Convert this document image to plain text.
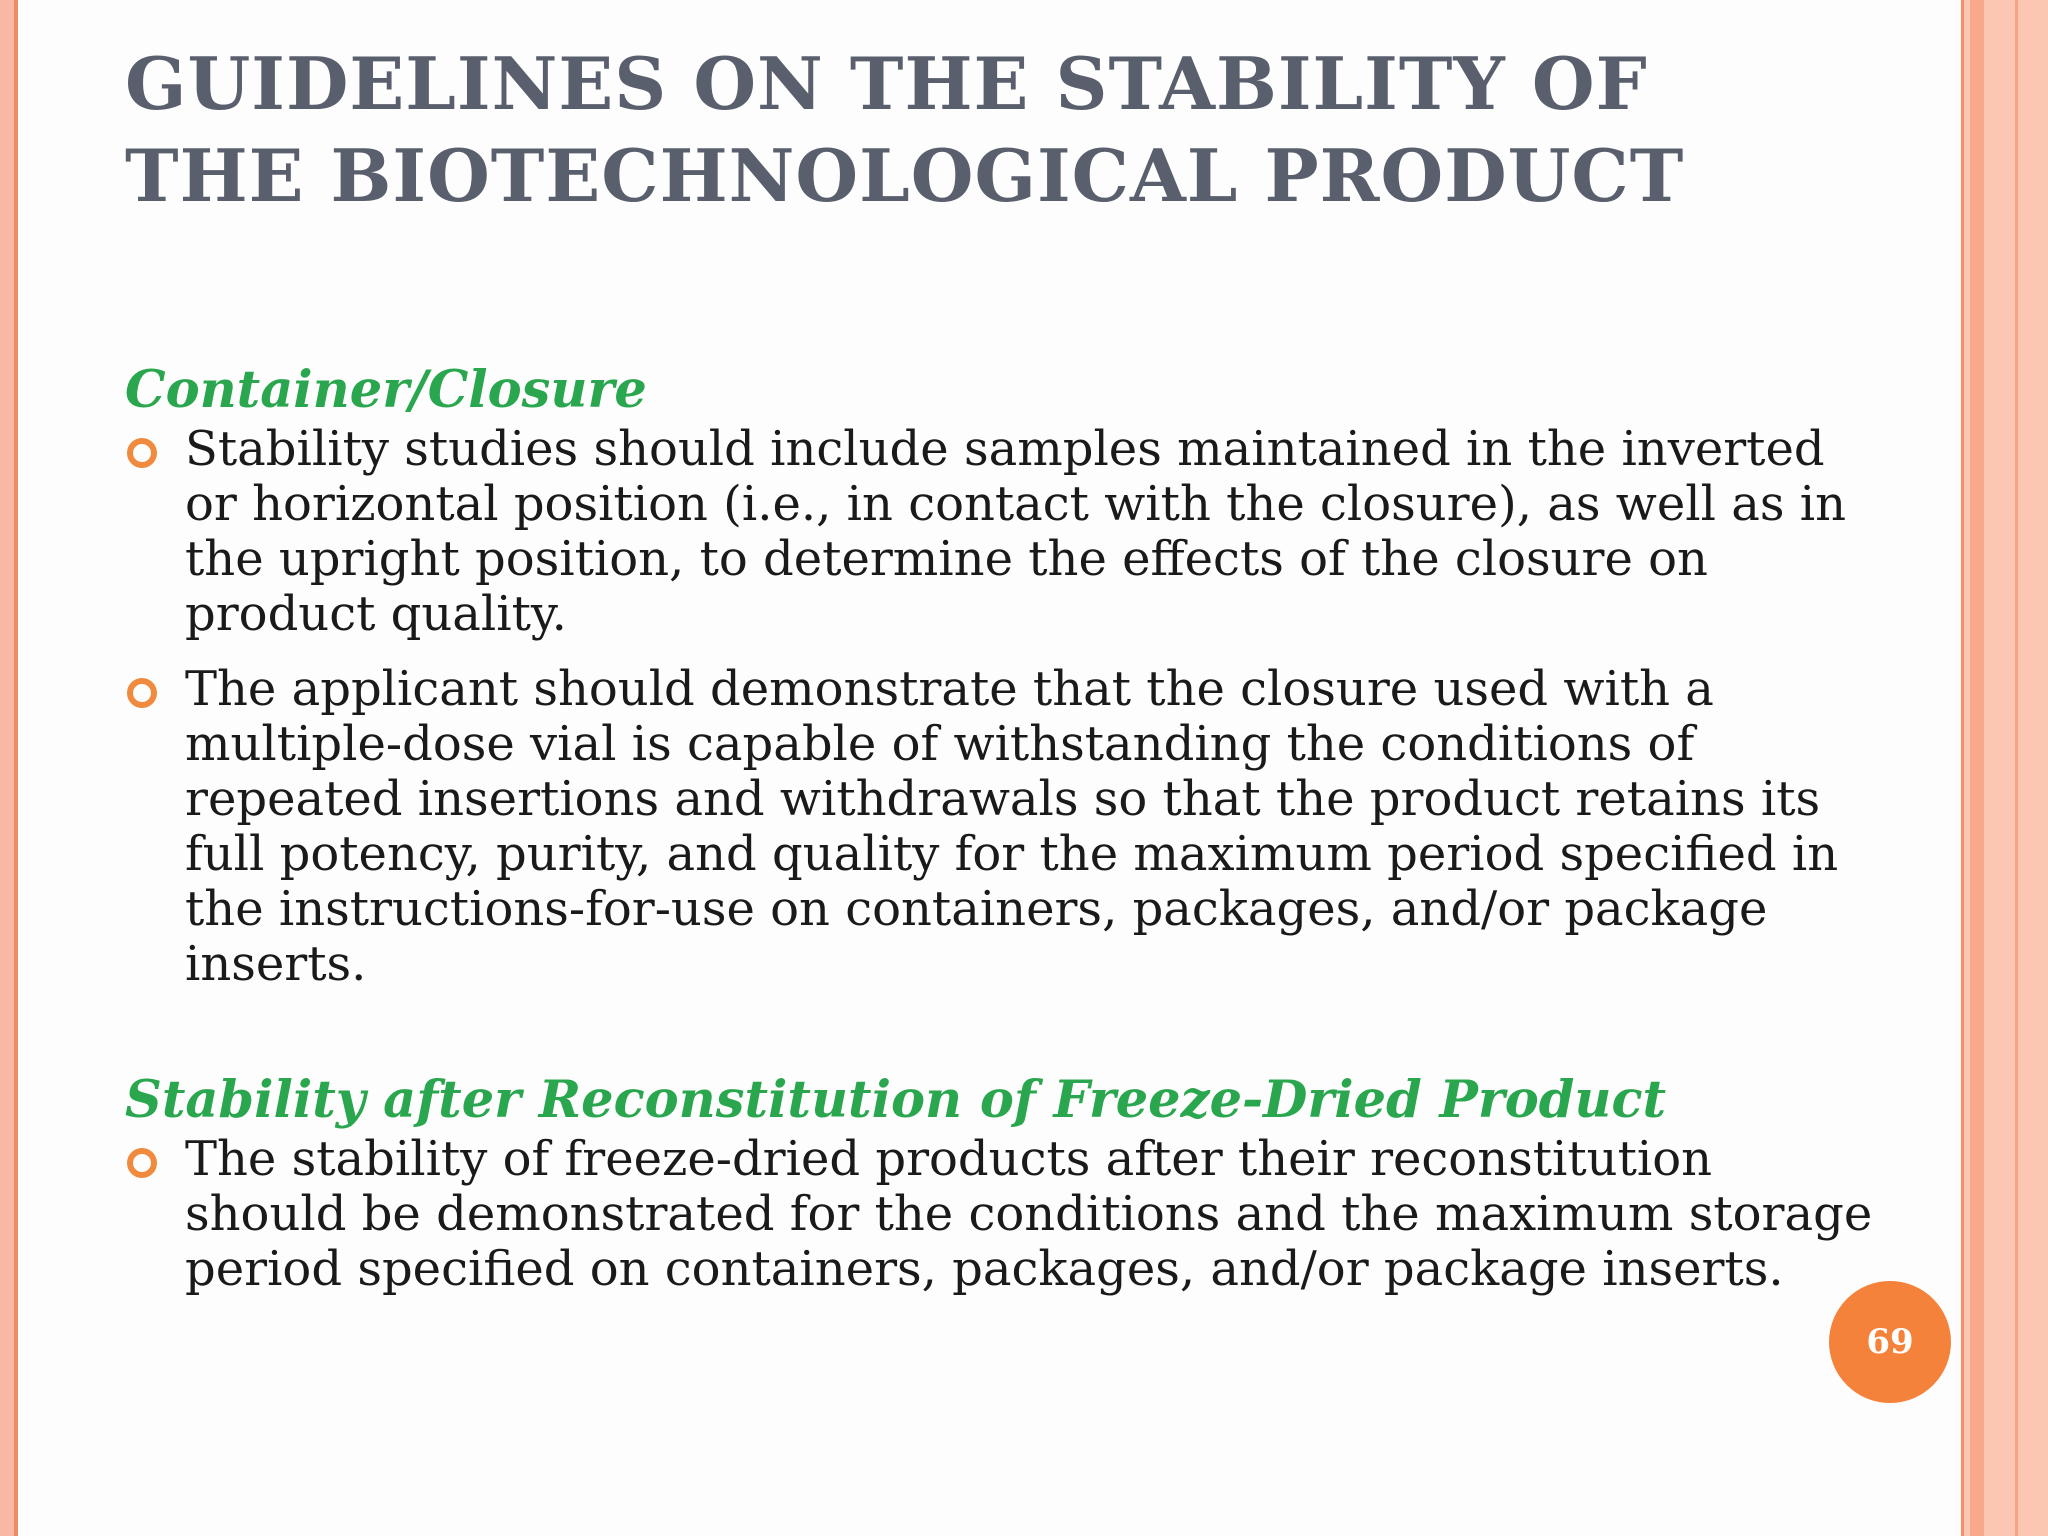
GUIDELINES ON THE STABILITY OF
THE BIOTECHNOLOGICAL PRODUCT
Container/Closure
Stability studies should include samples maintained in the inverted or horizontal position (i.e., in contact with the closure), as well as in the upright position, to determine the effects of the closure on product quality.
The applicant should demonstrate that the closure used with a multiple-dose vial is capable of withstanding the conditions of repeated insertions and withdrawals so that the product retains its full potency, purity, and quality for the maximum period specified in the instructions-for-use on containers, packages, and/or package inserts.
Stability after Reconstitution of Freeze-Dried Product
The stability of freeze-dried products after their reconstitution should be demonstrated for the conditions and the maximum storage period specified on containers, packages, and/or package inserts.
69
